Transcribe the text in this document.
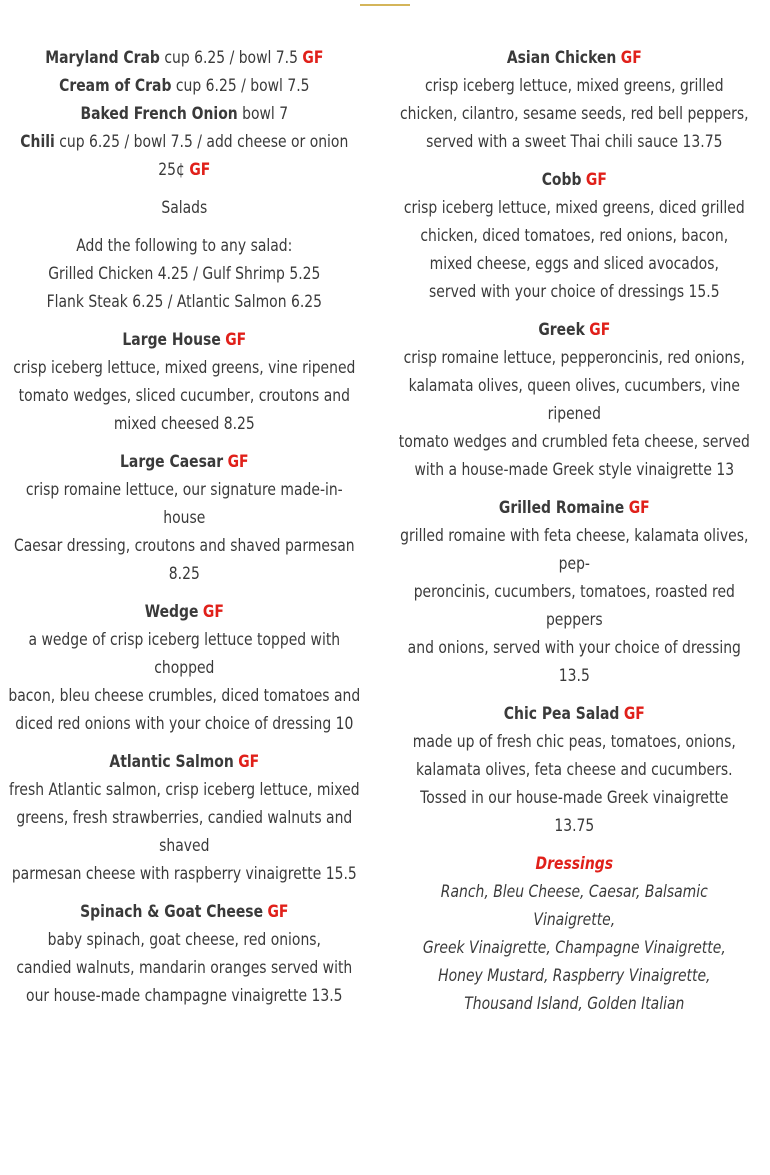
Maryland Crab cup 6.25 / bowl 7.5 GF

Cream of Crab cup 6.25 / bowl 7.5

Baked French Onion bowl 7

Chili cup 6.25 / bowl 7.5 / add cheese or onion 25¢ GF

Salads

Add the following to any salad:

Grilled Chicken 4.25 / Gulf Shrimp 5.25

Flank Steak 6.25 / Atlantic Salmon 6.25

Large House GF

crisp iceberg lettuce, mixed greens, vine ripened

tomato wedges, sliced cucumber, croutons and mixed cheesed 8.25

Large Caesar GF

crisp romaine lettuce, our signature made-in-house

Caesar dressing, croutons and shaved parmesan 8.25

Wedge GF

a wedge of crisp iceberg lettuce topped with chopped

bacon, bleu cheese crumbles, diced tomatoes and

diced red onions with your choice of dressing 10

Atlantic Salmon GF

fresh Atlantic salmon, crisp iceberg lettuce, mixed

greens, fresh strawberries, candied walnuts and shaved

parmesan cheese with raspberry vinaigrette 15.5

Spinach & Goat Cheese GF

baby spinach, goat cheese, red onions,

candied walnuts, mandarin oranges served with

our house-made champagne vinaigrette 13.5

Asian Chicken GF

crisp iceberg lettuce, mixed greens, grilled

chicken, cilantro, sesame seeds, red bell peppers,

served with a sweet Thai chili sauce 13.75

Cobb GF

crisp iceberg lettuce, mixed greens, diced grilled

chicken, diced tomatoes, red onions, bacon,

mixed cheese, eggs and sliced avocados,

served with your choice of dressings 15.5

Greek GF

crisp romaine lettuce, pepperoncinis, red onions,

kalamata olives, queen olives, cucumbers, vine ripened

tomato wedges and crumbled feta cheese, served

with a house-made Greek style vinaigrette 13

Grilled Romaine GF

grilled romaine with feta cheese, kalamata olives, pep-

peroncinis, cucumbers, tomatoes, roasted red peppers

and onions, served with your choice of dressing 13.5

Chic Pea Salad GF

made up of fresh chic peas, tomatoes, onions,

kalamata olives, feta cheese and cucumbers.

Tossed in our house-made Greek vinaigrette 13.75

Dressings

Ranch, Bleu Cheese, Caesar, Balsamic Vinaigrette,

Greek Vinaigrette, Champagne Vinaigrette,

Honey Mustard, Raspberry Vinaigrette,

Thousand Island, Golden Italian
